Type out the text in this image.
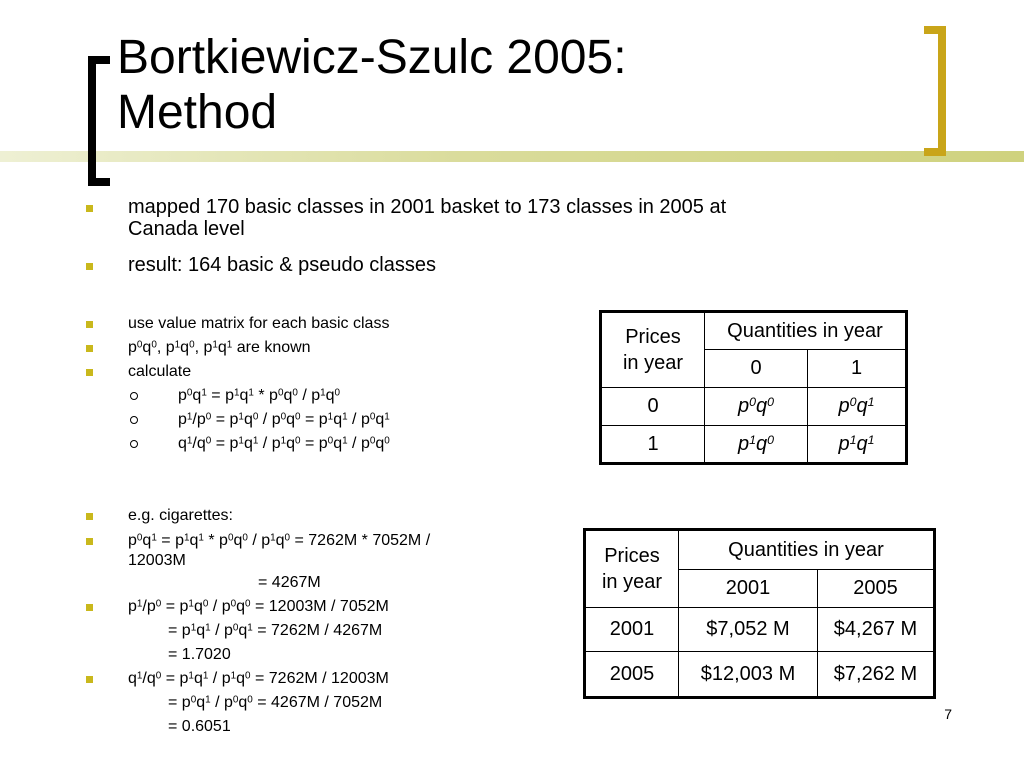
Bortkiewicz-Szulc 2005:
Method
mapped 170 basic classes in 2001 basket to 173 classes in 2005 at
Canada level
result: 164 basic & pseudo classes
use value matrix for each basic class
$p^0q^0$, $p^1q^0$, $p^1q^1$ are known
calculate
$p^0q^1 = p^1q^1 * p^0q^0 / p^1q^0$
$p^1/p^0 = p^1q^0 / p^0q^0 = p^1q^1 / p^0q^1$
$q^1/q^0 = p^1q^1 / p^1q^0 = p^0q^1 / p^0q^0$
Prices
in year	Quantities in year	
	0	1
0	$p^0q^0$	$p^0q^1$
1	$p^1q^0$	$p^1q^1$
e.g. cigarettes:
$p^0q^1 = p^1q^1 * p^0q^0 / p^1q^0 = 7262M * 7052M$ /
12003M
= 4267M
$p^1/p^0 = p^1q^0 / p^0q^0 = 12003M / 7052M$
= $p^1q^1 / p^0q^1 = 7262M / 4267M$
= 1.7020
$q^1/q^0 = p^1q^1 / p^1q^0 = 7262M / 12003M$
= $p^0q^1 / p^0q^0 = 4267M / 7052M$
= 0.6051
Prices
in year	Quantities in year	
	2001	2005
2001	$7,052 M	$4,267 M
2005	$12,003 M	$7,262 M
7
